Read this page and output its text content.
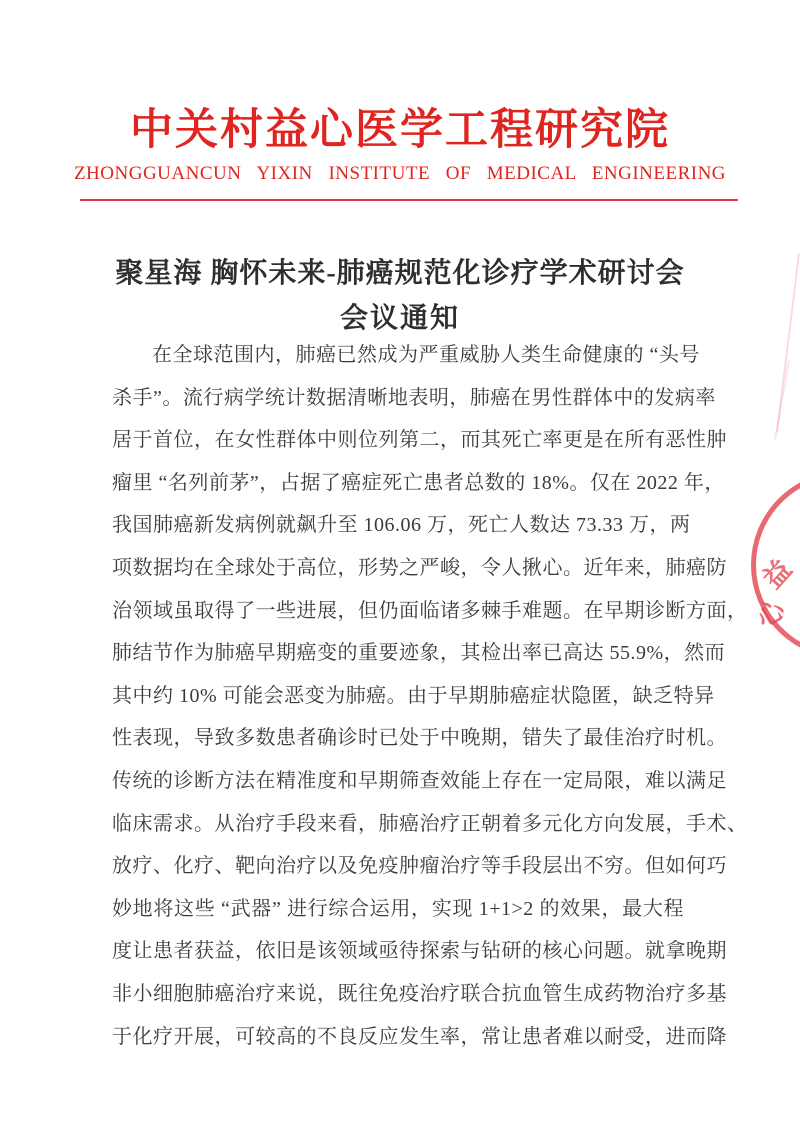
中关村益心医学工程研究院
ZHONGGUANCUN YIXIN INSTITUTE OF MEDICAL ENGINEERING
聚星海 胸怀未来-肺癌规范化诊疗学术研讨会
会议通知
在全球范围内，肺癌已然成为严重威胁人类生命健康的 “头号
杀手”。流行病学统计数据清晰地表明，肺癌在男性群体中的发病率
居于首位，在女性群体中则位列第二，而其死亡率更是在所有恶性肿
瘤里 “名列前茅”，占据了癌症死亡患者总数的 18%。仅在 2022 年，
我国肺癌新发病例就飙升至 106.06 万，死亡人数达 73.33 万，两
项数据均在全球处于高位，形势之严峻，令人揪心。近年来，肺癌防
治领域虽取得了一些进展，但仍面临诸多棘手难题。在早期诊断方面，
肺结节作为肺癌早期癌变的重要迹象，其检出率已高达 55.9%，然而
其中约 10% 可能会恶变为肺癌。由于早期肺癌症状隐匿，缺乏特异
性表现，导致多数患者确诊时已处于中晚期，错失了最佳治疗时机。
传统的诊断方法在精准度和早期筛查效能上存在一定局限，难以满足
临床需求。从治疗手段来看，肺癌治疗正朝着多元化方向发展，手术、
放疗、化疗、靶向治疗以及免疫肿瘤治疗等手段层出不穷。但如何巧
妙地将这些 “武器” 进行综合运用，实现 1+1>2 的效果，最大程
度让患者获益，依旧是该领域亟待探索与钻研的核心问题。就拿晚期
非小细胞肺癌治疗来说，既往免疫治疗联合抗血管生成药物治疗多基
于化疗开展，可较高的不良反应发生率，常让患者难以耐受，进而降
益
心
